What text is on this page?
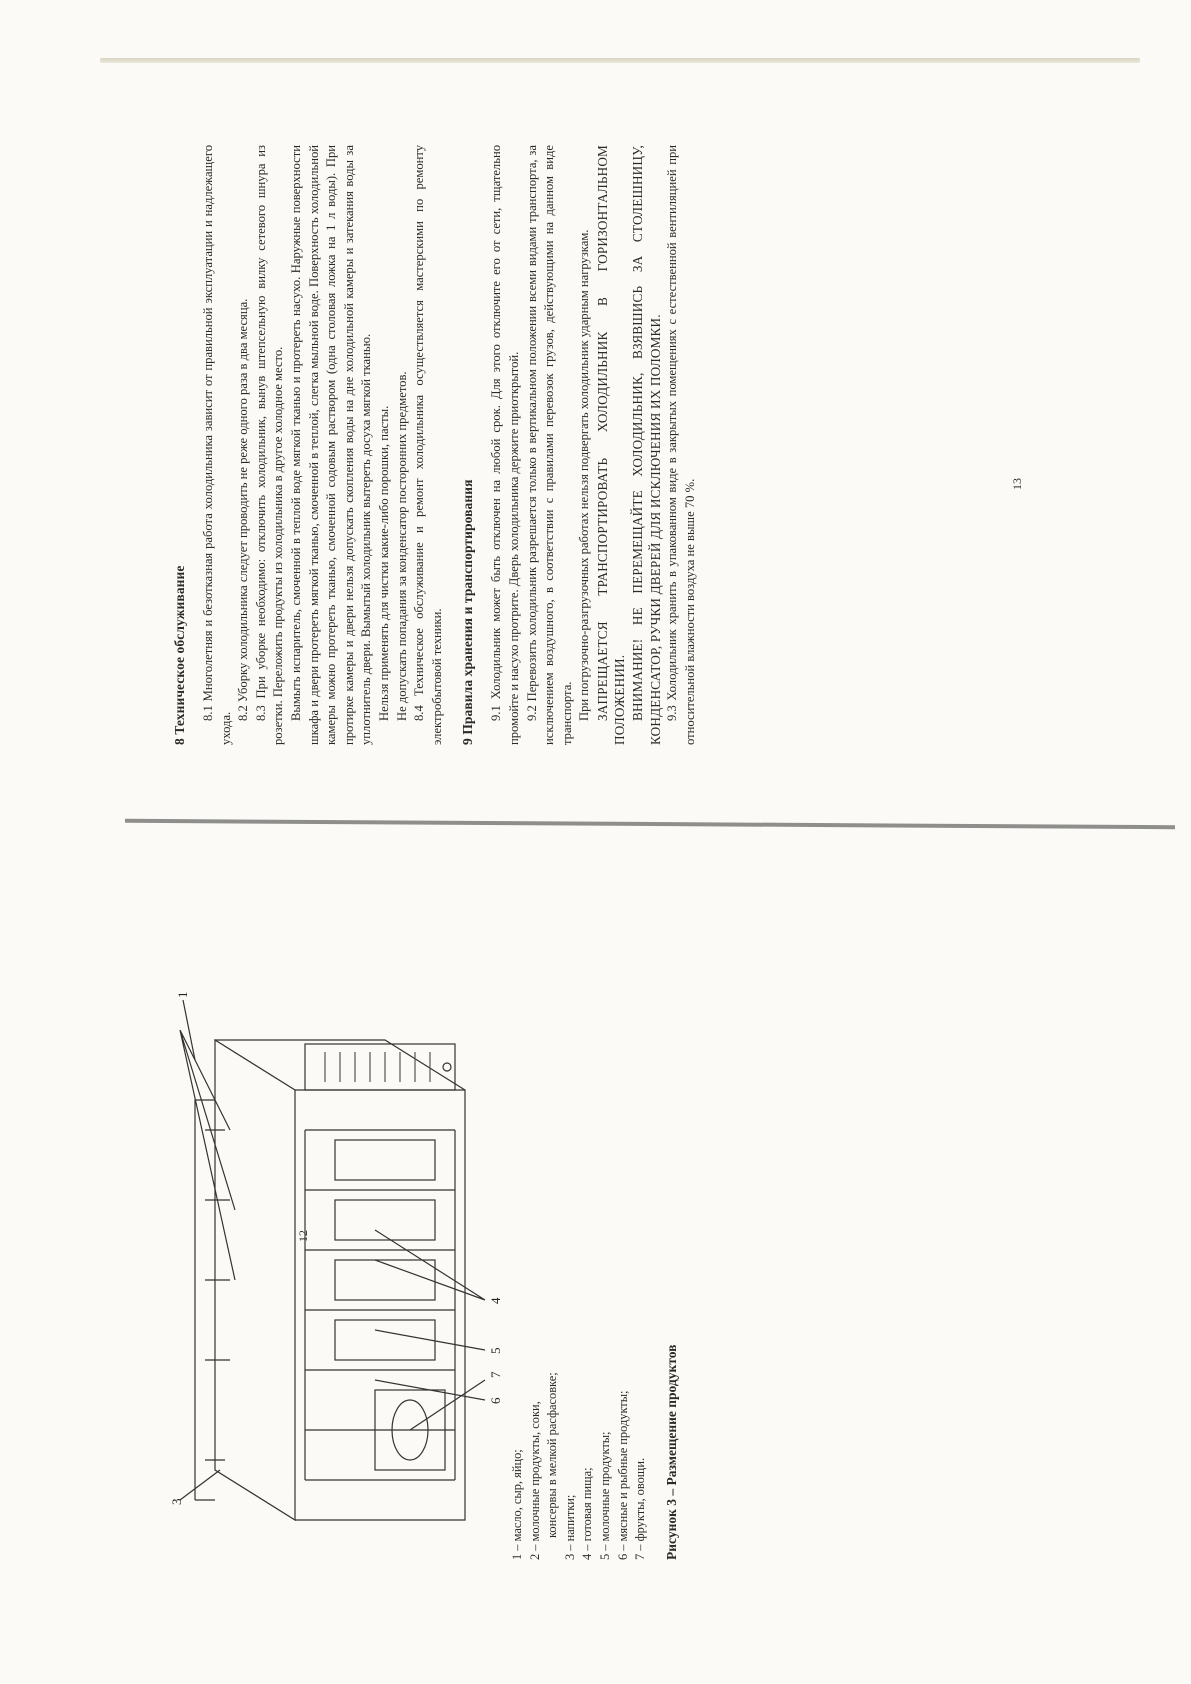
8 Техническое обслуживание 8.1 Многолетняя и безотказная работа холодильника зависит от правильной эксплуатации и надлежащего ухода.

8.2 Уборку холодильника следует проводить не реже одного раза в два месяца. 8.3 При уборке необходимо: отключить холодильник, вынув штепсельную вилку сетевого шнура из розетки. Переложить продукты из холодильника в другое холодное место. Вымыть испаритель, смоченной в теплой воде мягкой тканью и протереть насухо. Наружные поверхности шкафа и двери протереть мягкой тканью, смоченной в теплой, слегка мыльной воде. Поверхность холодильной камеры можно протереть тканью, смоченной содовым раствором (одна столовая ложка на 1 л воды). При протирке камеры и двери нельзя допускать скопления воды на дне холодильной камеры и затекания воды за уплотнитель двери. Вымытый холодильник вытереть досуха мягкой тканью. Нельзя применять для чистки какие-либо порошки, пасты. Не допускать попадания за конденсатор посторонних предметов. 8.4 Техническое обслуживание и ремонт холодильника осуществляется мастерскими по ремонту электробытовой техники. 9 Правила хранения и транспортирования 9.1 Холодильник может быть отключен на любой срок. Для этого отключите его от сети, тщательно промойте и насухо протрите. Дверь холодильника держите приоткрытой. 9.2 Перевозить холодильник разрешается только в вертикальном положении всеми видами транспорта, за исключением воздушного, в соответствии с правилами перевозок грузов, действующими на данном виде транспорта. При погрузочно-разгрузочных работах нельзя подвергать холодильник ударным нагрузкам. ЗАПРЕЩАЕТСЯ ТРАНСПОРТИРОВАТЬ ХОЛОДИЛЬНИК В ГОРИЗОНТАЛЬНОМ ПОЛОЖЕНИИ. ВНИМАНИЕ! НЕ ПЕРЕМЕЩАЙТЕ ХОЛОДИЛЬНИК, ВЗЯВШИСЬ ЗА СТОЛЕШНИЦУ, КОНДЕНСАТОР, РУЧКИ ДВЕРЕЙ ДЛЯ ИСКЛЮЧЕНИЯ ИХ ПОЛОМКИ. 9.3 Холодильник хранить в упакованном виде в закрытых помещениях с естественной вентиляцией при относительной влажности воздуха не выше 70 %.	13
1
3
4
5
6
7
1 – масло, сыр, яйцо; 2 – молочные продукты, соки, консервы в мелкой расфасовке; 3 – напитки; 4 – готовая пища; 5 – молочные продукты; 6 – мясные и рыбные продукты; 7 – фрукты, овощи. Рисунок 3 – Размещение продуктов
12
